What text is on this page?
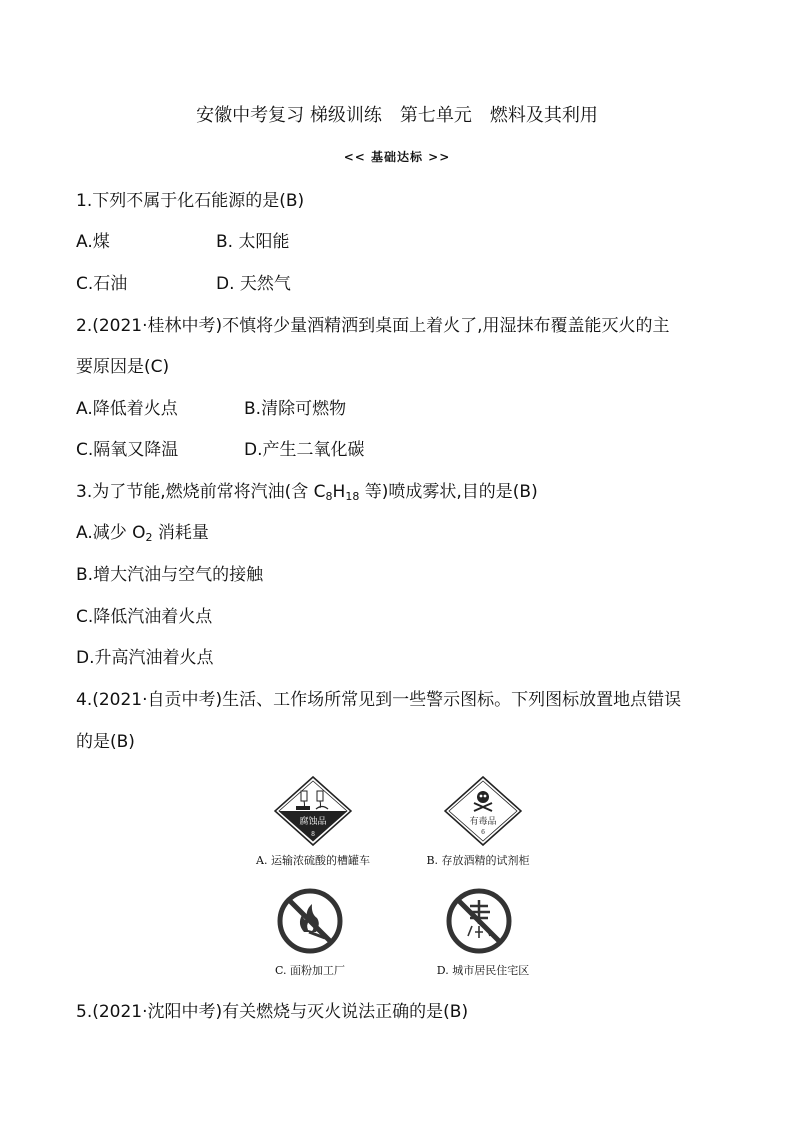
安徽中考复习 梯级训练　第七单元　燃料及其利用
<< 基础达标 >>
1.下列不属于化石能源的是(B)
A.煤	B. 太阳能
C.石油	D. 天然气
2.(2021·桂林中考)不慎将少量酒精洒到桌面上着火了,用湿抹布覆盖能灭火的主
要原因是(C)
A.降低着火点	B.清除可燃物
C.隔氧又降温	D.产生二氧化碳
3.为了节能,燃烧前常将汽油(含 $C_8H_{18}$ 等)喷成雾状,目的是(B)
A.减少 $O_2$ 消耗量
B.增大汽油与空气的接触
C.降低汽油着火点
D.升高汽油着火点
4.(2021·自贡中考)生活、工作场所常见到一些警示图标。下列图标放置地点错误
的是(B)
腐蚀品
8
A. 运输浓硫酸的槽罐车
有毒品
6
B. 存放酒精的试剂柜
C. 面粉加工厂	D. 城市居民住宅区
5.(2021·沈阳中考)有关燃烧与灭火说法正确的是(B)
